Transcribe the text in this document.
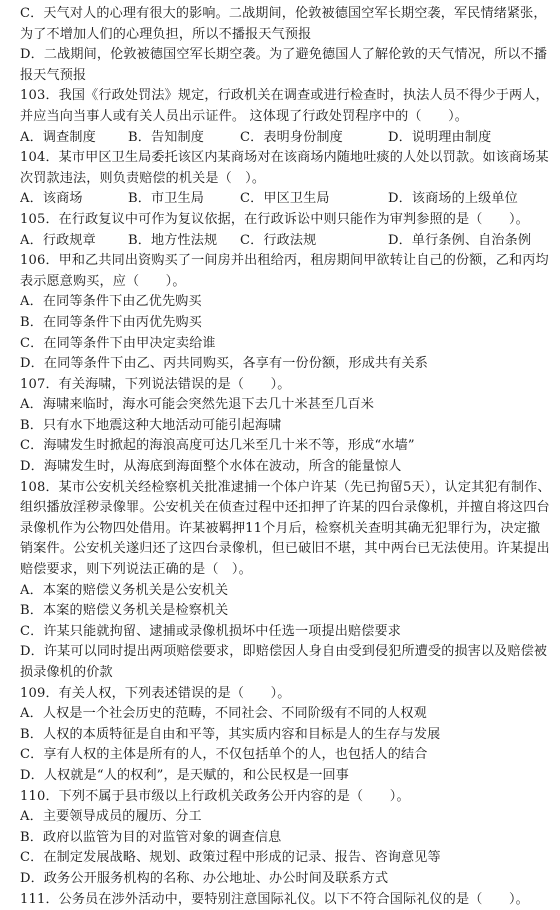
C．天气对人的心理有很大的影响。二战期间，伦敦被德国空军长期空袭，军民情绪紧张，
为了不增加人们的心理负担，所以不播报天气预报
D．二战期间，伦敦被德国空军长期空袭。为了避免德国人了解伦敦的天气情况，所以不播
报天气预报
103．我国《行政处罚法》规定，行政机关在调查或进行检查时，执法人员不得少于两人，
并应当向当事人或有关人员出示证件。 这体现了行政处罚程序中的（　　）。
A．调查制度	B．告知制度	C．表明身份制度	D．说明理由制度
104．某市甲区卫生局委托该区内某商场对在该商场内随地吐痰的人处以罚款。如该商场某
次罚款违法，则负责赔偿的机关是（　）。
A．该商场	B．市卫生局	C．甲区卫生局	D．该商场的上级单位
105．在行政复议中可作为复议依据，在行政诉讼中则只能作为审判参照的是（　　）。
A．行政规章	B．地方性法规	C．行政法规	D．单行条例、自治条例
106．甲和乙共同出资购买了一间房并出租给丙，租房期间甲欲转让自己的份额，乙和丙均
表示愿意购买，应（　　）。
A．在同等条件下由乙优先购买
B．在同等条件下由丙优先购买
C．在同等条件下由甲决定卖给谁
D．在同等条件下由乙、丙共同购买，各享有一份份额，形成共有关系
107．有关海啸，下列说法错误的是（　　）。
A．海啸来临时，海水可能会突然先退下去几十米甚至几百米
B．只有水下地震这种大地活动可能引起海啸
C．海啸发生时掀起的海浪高度可达几米至几十米不等，形成“水墙”
D．海啸发生时，从海底到海面整个水体在波动，所含的能量惊人
108．某市公安机关经检察机关批准逮捕一个体户许某（先已拘留5天），认定其犯有制作、
组织播放淫秽录像罪。公安机关在侦查过程中还扣押了许某的四台录像机，并擅自将这四台
录像机作为公物四处借用。许某被羁押11个月后，检察机关查明其确无犯罪行为，决定撤
销案件。公安机关遂归还了这四台录像机，但已破旧不堪，其中两台已无法使用。许某提出
赔偿要求，则下列说法正确的是（　）。
A．本案的赔偿义务机关是公安机关
B．本案的赔偿义务机关是检察机关
C．许某只能就拘留、逮捕或录像机损坏中任选一项提出赔偿要求
D．许某可以同时提出两项赔偿要求，即赔偿因人身自由受到侵犯所遭受的损害以及赔偿被
损录像机的价款
109．有关人权，下列表述错误的是（　　）。
A．人权是一个社会历史的范畴，不同社会、不同阶级有不同的人权观
B．人权的本质特征是自由和平等，其实质内容和目标是人的生存与发展
C．享有人权的主体是所有的人，不仅包括单个的人，也包括人的结合
D．人权就是“人的权利”，是天赋的，和公民权是一回事
110．下列不属于县市级以上行政机关政务公开内容的是（　　）。
A．主要领导成员的履历、分工
B．政府以监管为目的对监管对象的调查信息
C．在制定发展战略、规划、政策过程中形成的记录、报告、咨询意见等
D．政务公开服务机构的名称、办公地址、办公时间及联系方式
111．公务员在涉外活动中，要特别注意国际礼仪。以下不符合国际礼仪的是（　　）。
